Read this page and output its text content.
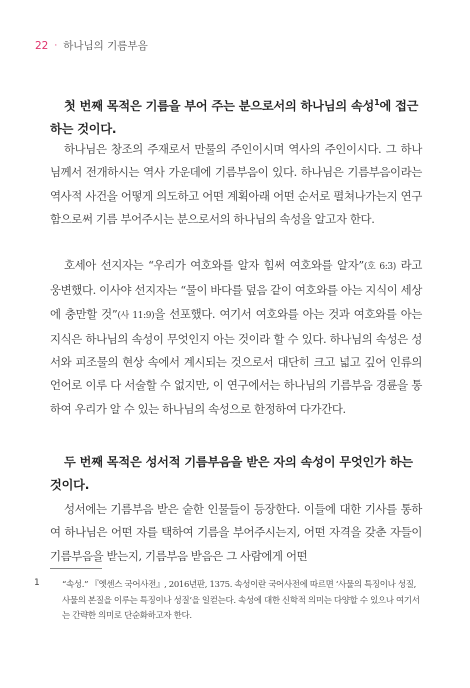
22 · 하나님의 기름부음

첫 번째 목적은 기름을 부어 주는 분으로서의 하나님의 속성$^1$에 접근하는 것이다.

하나님은 창조의 주재로서 만물의 주인이시며 역사의 주인이시다. 그 하나님께서 전개하시는 역사 가운데에 기름부음이 있다. 하나님은 기름부음이라는 역사적 사건을 어떻게 의도하고 어떤 계획아래 어떤 순서로 펼쳐나가는지 연구함으로써 기름 부어주시는 분으로서의 하나님의 속성을 알고자 한다.

호세아 선지자는 “우리가 여호와를 알자 힘써 여호와를 알자”(호 6:3) 라고 웅변했다. 이사야 선지자는 “물이 바다를 덮음 같이 여호와를 아는 지식이 세상에 충만할 것”(사 11:9)을 선포했다. 여기서 여호와를 아는 것과 여호와를 아는 지식은 하나님의 속성이 무엇인지 아는 것이라 할 수 있다. 하나님의 속성은 성서와 피조물의 현상 속에서 계시되는 것으로서 대단히 크고 넓고 깊어 인류의 언어로 이루 다 서술할 수 없지만, 이 연구에서는 하나님의 기름부음 경륜을 통하여 우리가 알 수 있는 하나님의 속성으로 한정하여 다가간다.

두 번째 목적은 성서적 기름부음을 받은 자의 속성이 무엇인가 하는 것이다.

성서에는 기름부음 받은 숱한 인물들이 등장한다. 이들에 대한 기사를 통하여 하나님은 어떤 자를 택하여 기름을 부어주시는지, 어떤 자격을 갖춘 자들이 기름부음을 받는지, 기름부음 받음은 그 사람에게 어떤

1	“속성.” 『엣센스 국어사전』, 2016년판, 1375. 속성이란 국어사전에 따르면 ‘사물의 특징이나 성질, 사물의 본질을 이루는 특징이나 성질’을 일컫는다. 속성에 대한 신학적 의미는 다양할 수 있으나 여기서는 간략한 의미로 단순화하고자 한다.
